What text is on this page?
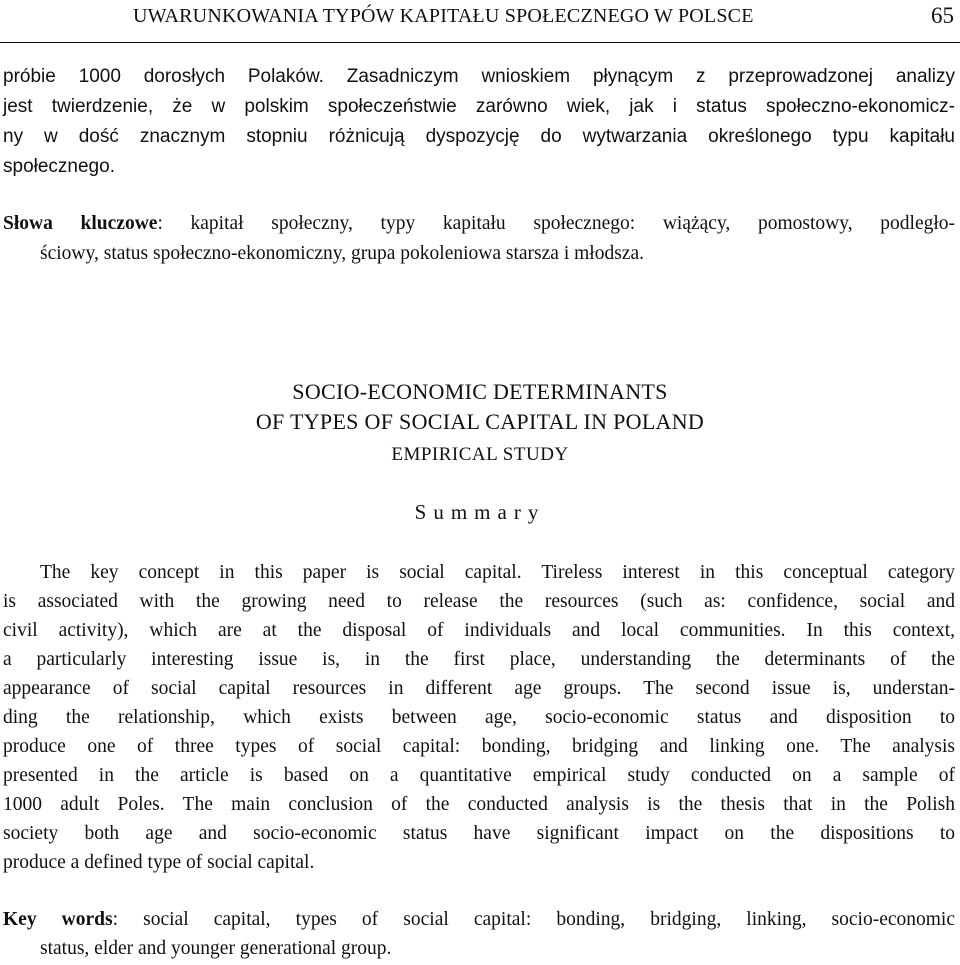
UWARUNKOWANIA TYPÓW KAPITAŁU SPOŁECZNEGO W POLSCE	65
próbie 1000 dorosłych Polaków. Zasadniczym wnioskiem płynącym z przeprowadzonej analizy
jest twierdzenie, że w polskim społeczeństwie zarówno wiek, jak i status społeczno-ekonomicz-
ny w dość znacznym stopniu różnicują dyspozycję do wytwarzania określonego typu kapitału
społecznego.
Słowa kluczowe: kapitał społeczny, typy kapitału społecznego: wiążący, pomostowy, podległo-
ściowy, status społeczno-ekonomiczny, grupa pokoleniowa starsza i młodsza.
SOCIO-ECONOMIC DETERMINANTS
OF TYPES OF SOCIAL CAPITAL IN POLAND
EMPIRICAL STUDY
Summary
The key concept in this paper is social capital. Tireless interest in this conceptual category
is associated with the growing need to release the resources (such as: confidence, social and
civil activity), which are at the disposal of individuals and local communities. In this context,
a particularly interesting issue is, in the first place, understanding the determinants of the
appearance of social capital resources in different age groups. The second issue is, understan-
ding the relationship, which exists between age, socio-economic status and disposition to
produce one of three types of social capital: bonding, bridging and linking one. The analysis
presented in the article is based on a quantitative empirical study conducted on a sample of
1000 adult Poles. The main conclusion of the conducted analysis is the thesis that in the Polish
society both age and socio-economic status have significant impact on the dispositions to
produce a defined type of social capital.
Key words: social capital, types of social capital: bonding, bridging, linking, socio-economic
status, elder and younger generational group.
